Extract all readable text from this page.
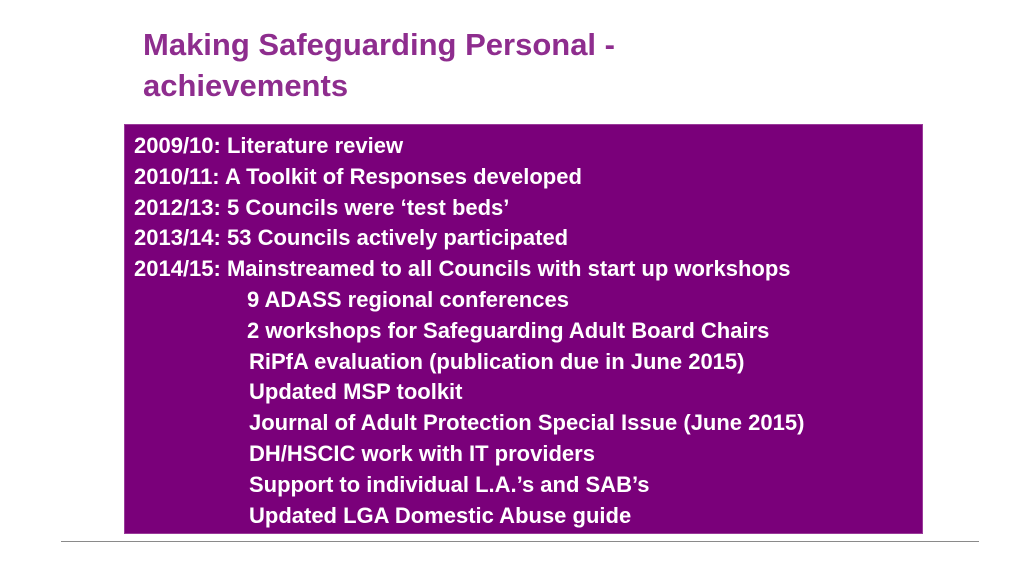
Making Safeguarding Personal -
achievements
2009/10: Literature review
2010/11: A Toolkit of Responses developed
2012/13: 5 Councils were ‘test beds’
2013/14: 53 Councils actively participated
2014/15: Mainstreamed to all Councils with start up workshops
9 ADASS regional conferences
2 workshops for Safeguarding Adult Board Chairs
RiPfA evaluation (publication due in June 2015)
Updated MSP toolkit
Journal of Adult Protection Special Issue (June 2015)
DH/HSCIC work with IT providers
Support to individual L.A.’s and SAB’s
Updated LGA Domestic Abuse guide
